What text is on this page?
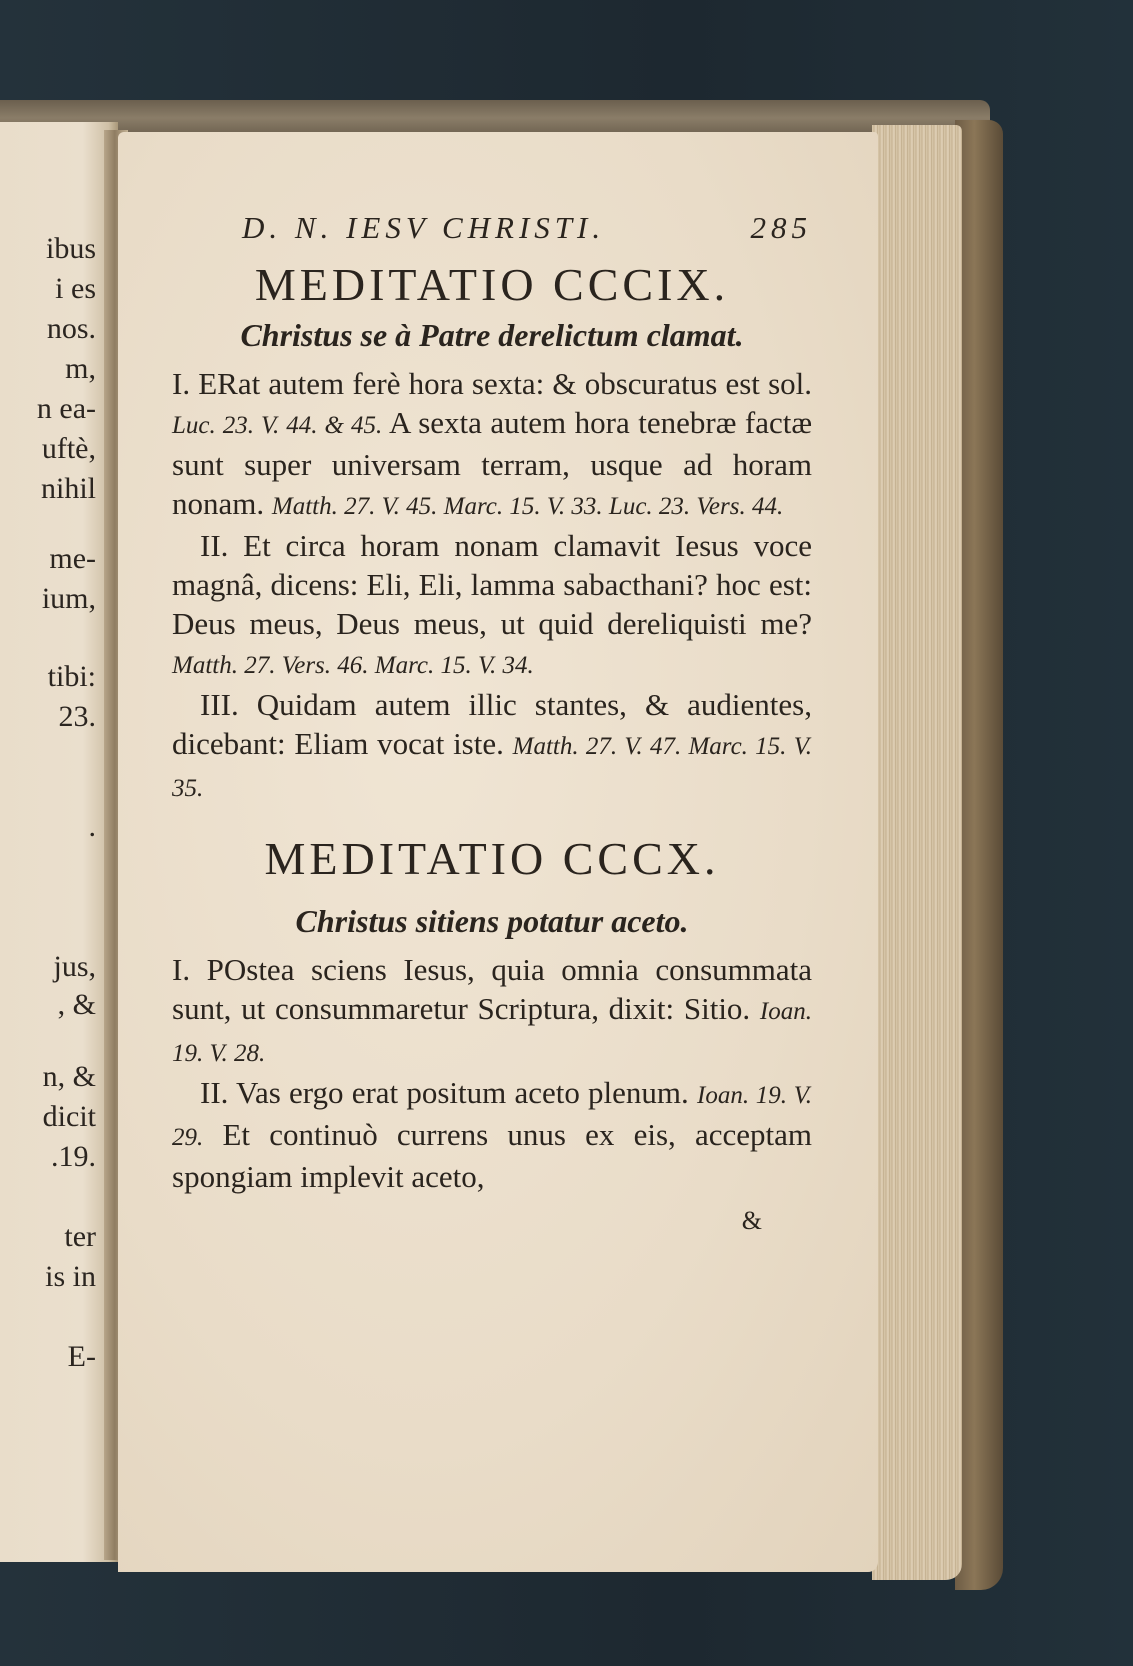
ibus
i es
nos.
m,
n ea-
uftè,
nihil
me-
ium,
tibi:
23.
.
jus,
, &
n, &
dicit
.19.
ter
is in
E-
D. N. IESV CHRISTI.	285
MEDITATIO CCCIX.
Christus se à Patre derelictum clamat.

I. ERat autem ferè hora sexta: & obscuratus est sol. Luc. 23. V. 44. & 45. A sexta autem hora tenebræ factæ sunt super universam terram, usque ad horam nonam. Matth. 27. V. 45. Marc. 15. V. 33. Luc. 23. Vers. 44.

II. Et circa horam nonam clamavit Iesus voce magnâ, dicens: Eli, Eli, lamma sabacthani? hoc est: Deus meus, Deus meus, ut quid dereliquisti me? Matth. 27. Vers. 46. Marc. 15. V. 34.

III. Quidam autem illic stantes, & audientes, dicebant: Eliam vocat iste. Matth. 27. V. 47. Marc. 15. V. 35.

MEDITATIO CCCX.
Christus sitiens potatur aceto.

I. POstea sciens Iesus, quia omnia consummata sunt, ut consummaretur Scriptura, dixit: Sitio. Ioan. 19. V. 28.

II. Vas ergo erat positum aceto plenum. Ioan. 19. V. 29. Et continuò currens unus ex eis, acceptam spongiam implevit aceto,

&
